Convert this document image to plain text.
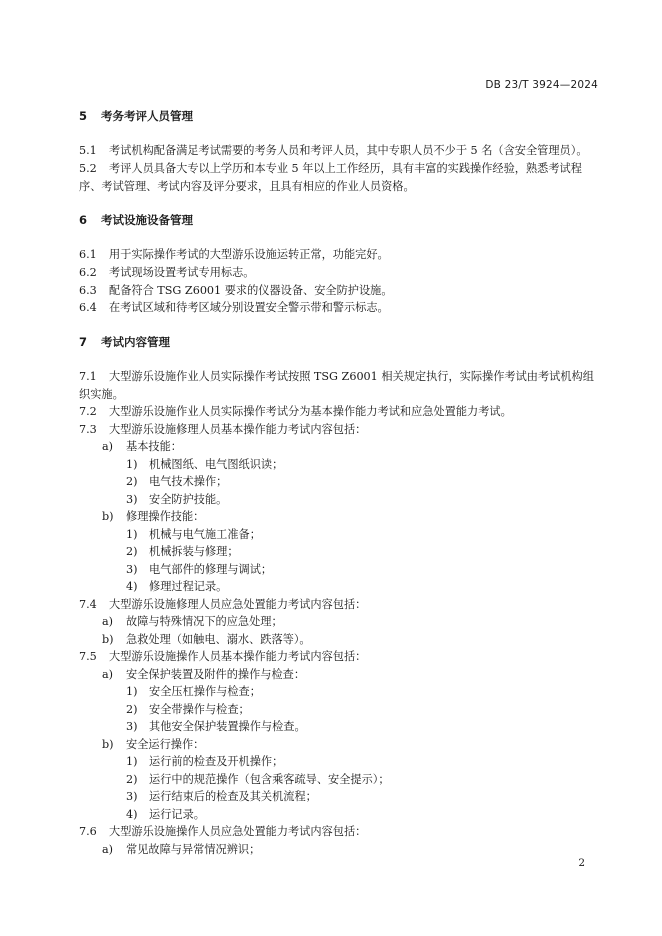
DB 23/T 3924—2024
5 考务考评人员管理
5.1 考试机构配备满足考试需要的考务人员和考评人员，其中专职人员不少于 5 名（含安全管理员）。
5.2 考评人员具备大专以上学历和本专业 5 年以上工作经历，具有丰富的实践操作经验，熟悉考试程
序、考试管理、考试内容及评分要求，且具有相应的作业人员资格。
6 考试设施设备管理
6.1 用于实际操作考试的大型游乐设施运转正常，功能完好。
6.2 考试现场设置考试专用标志。
6.3 配备符合 TSG Z6001 要求的仪器设备、安全防护设施。
6.4 在考试区域和待考区域分别设置安全警示带和警示标志。
7 考试内容管理
7.1 大型游乐设施作业人员实际操作考试按照 TSG Z6001 相关规定执行，实际操作考试由考试机构组
织实施。
7.2 大型游乐设施作业人员实际操作考试分为基本操作能力考试和应急处置能力考试。
7.3 大型游乐设施修理人员基本操作能力考试内容包括：
a) 基本技能：
1) 机械图纸、电气图纸识读；
2) 电气技术操作；
3) 安全防护技能。
b) 修理操作技能：
1) 机械与电气施工准备；
2) 机械拆装与修理；
3) 电气部件的修理与调试；
4) 修理过程记录。
7.4 大型游乐设施修理人员应急处置能力考试内容包括：
a) 故障与特殊情况下的应急处理；
b) 急救处理（如触电、溺水、跌落等）。
7.5 大型游乐设施操作人员基本操作能力考试内容包括：
a) 安全保护装置及附件的操作与检查：
1) 安全压杠操作与检查；
2) 安全带操作与检查；
3) 其他安全保护装置操作与检查。
b) 安全运行操作：
1) 运行前的检查及开机操作；
2) 运行中的规范操作（包含乘客疏导、安全提示）；
3) 运行结束后的检查及其关机流程；
4) 运行记录。
7.6 大型游乐设施操作人员应急处置能力考试内容包括：
a) 常见故障与异常情况辨识；
2
